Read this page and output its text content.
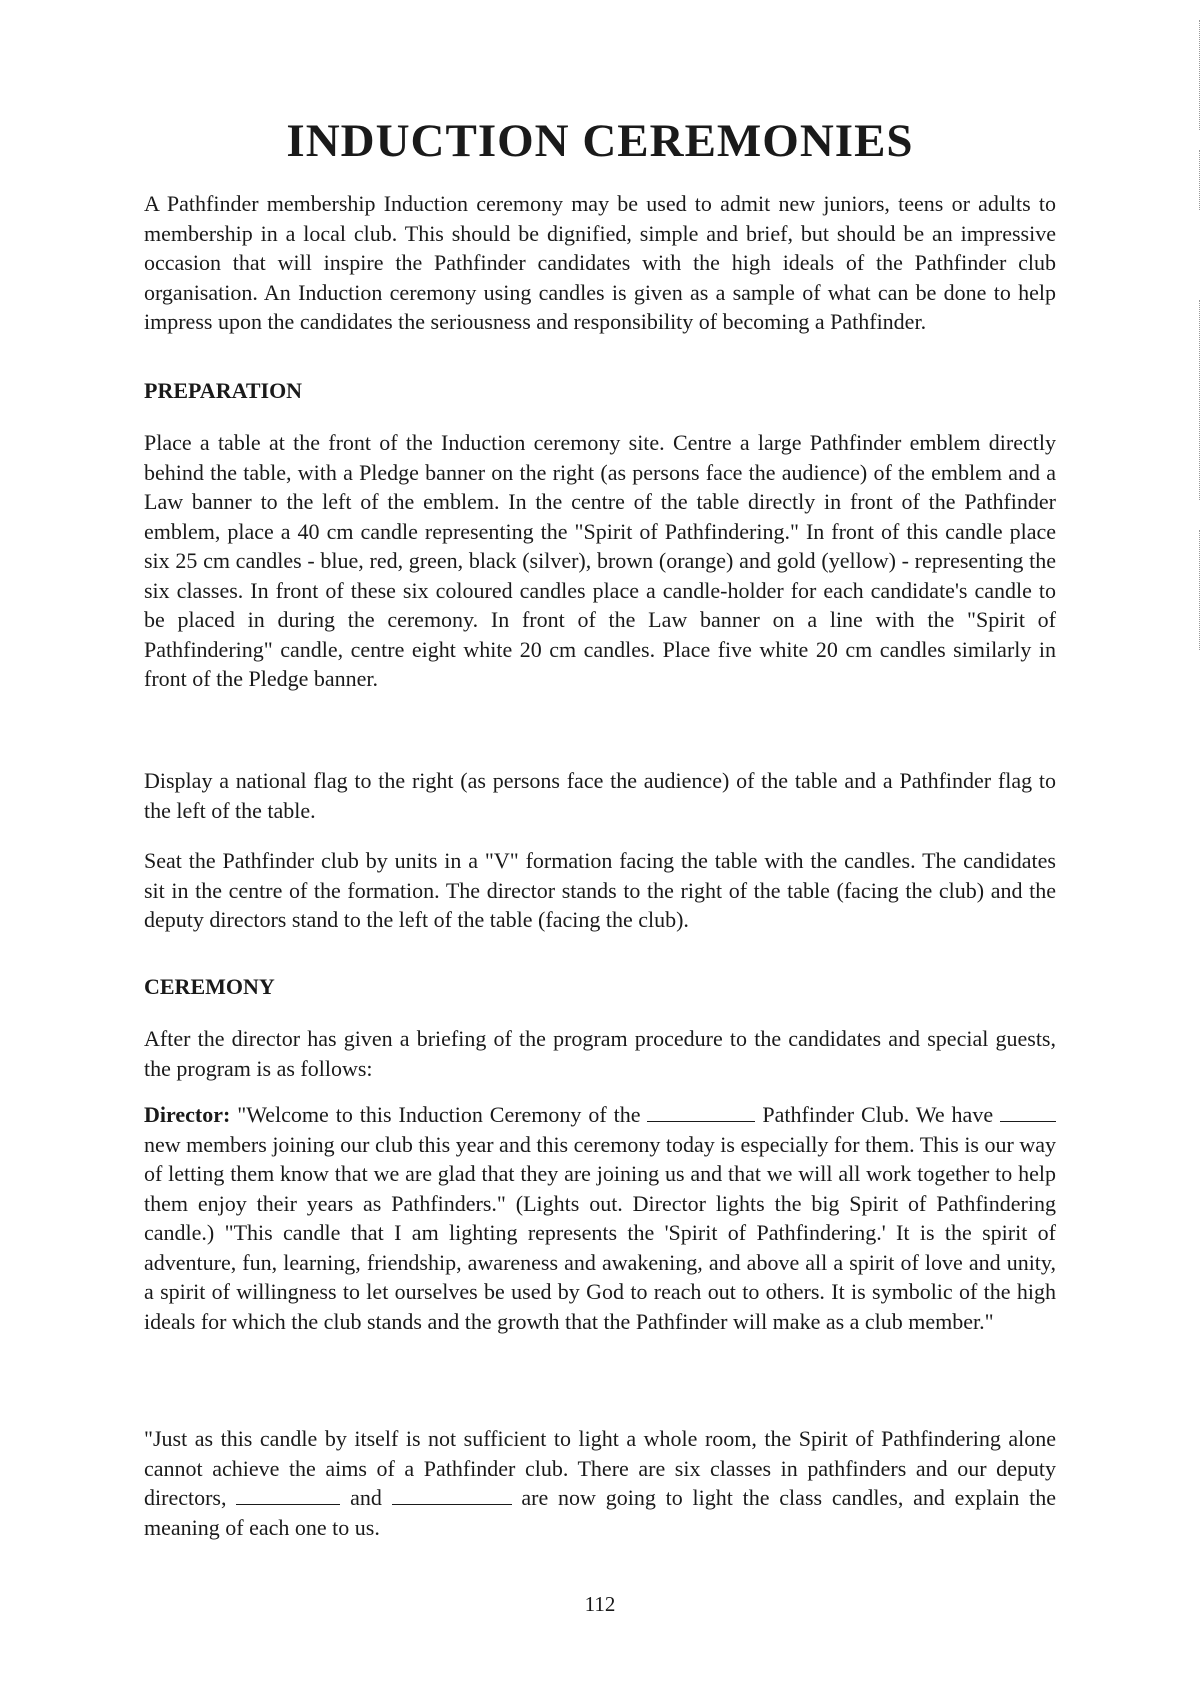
INDUCTION CEREMONIES

A Pathfinder membership Induction ceremony may be used to admit new juniors, teens or adults to membership in a local club. This should be dignified, simple and brief, but should be an impressive occasion that will inspire the Pathfinder candidates with the high ideals of the Pathfinder club organisation. An Induction ceremony using candles is given as a sample of what can be done to help impress upon the candidates the seriousness and responsibility of becoming a Pathfinder.

PREPARATION

Place a table at the front of the Induction ceremony site. Centre a large Pathfinder emblem directly behind the table, with a Pledge banner on the right (as persons face the audience) of the emblem and a Law banner to the left of the emblem. In the centre of the table directly in front of the Pathfinder emblem, place a 40 cm candle representing the "Spirit of Pathfindering." In front of this candle place six 25 cm candles - blue, red, green, black (silver), brown (orange) and gold (yellow) - representing the six classes. In front of these six coloured candles place a candle-holder for each candidate's candle to be placed in during the ceremony. In front of the Law banner on a line with the "Spirit of Pathfindering" candle, centre eight white 20 cm candles. Place five white 20 cm candles similarly in front of the Pledge banner.

Display a national flag to the right (as persons face the audience) of the table and a Pathfinder flag to the left of the table.

Seat the Pathfinder club by units in a "V" formation facing the table with the candles. The candidates sit in the centre of the formation. The director stands to the right of the table (facing the club) and the deputy directors stand to the left of the table (facing the club).

CEREMONY

After the director has given a briefing of the program procedure to the candidates and special guests, the program is as follows:

Director: "Welcome to this Induction Ceremony of the	Pathfinder Club. We have  new members joining our club this year and this ceremony today is especially for them. This is our way of letting them know that we are glad that they are joining us and that we will all work together to help them enjoy their years as Pathfinders." (Lights out. Director lights the big Spirit of Pathfindering candle.) "This candle that I am lighting represents the 'Spirit of Pathfindering.' It is the spirit of adventure, fun, learning, friendship, awareness and awakening, and above all a spirit of love and unity, a spirit of willingness to let ourselves be used by God to reach out to others. It is symbolic of the high ideals for which the club stands and the growth that the Pathfinder will make as a club member."

"Just as this candle by itself is not sufficient to light a whole room, the Spirit of Pathfindering alone cannot achieve the aims of a Pathfinder club. There are six classes in pathfinders and our deputy directors,	and	are now going to light the class candles, and explain the meaning of each one to us.

112
